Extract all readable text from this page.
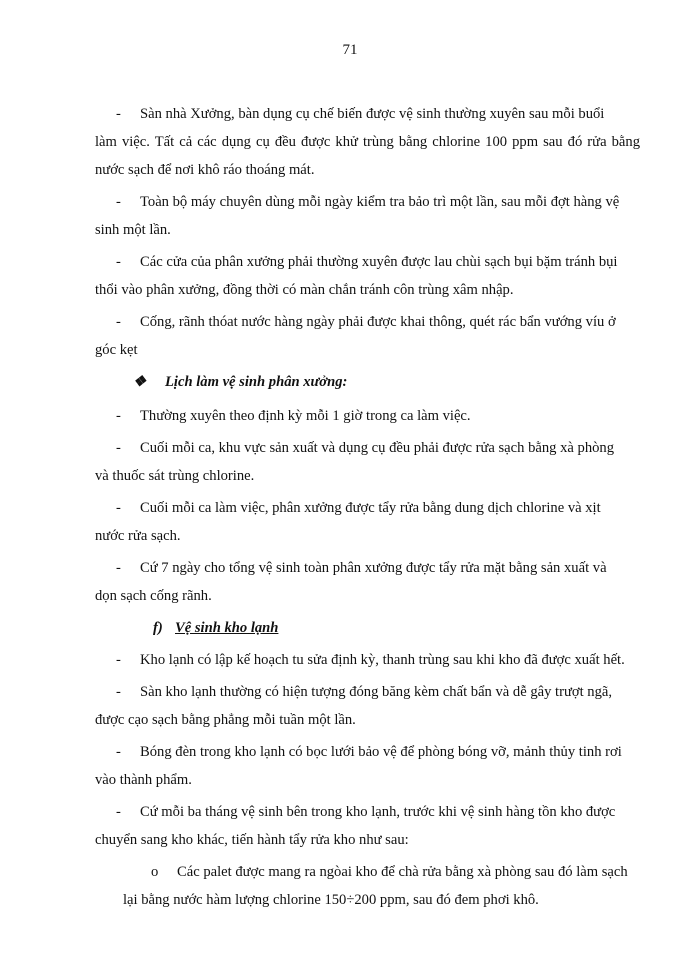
71
- Sàn nhà Xưởng, bàn dụng cụ chế biến được vệ sinh thường xuyên sau mỗi buổi
làm việc. Tất cả các dụng cụ đều được khử trùng bằng chlorine 100 ppm sau đó rửa bằng nước sạch để nơi khô ráo thoáng mát.
- Toàn bộ máy chuyên dùng mỗi ngày kiểm tra bảo trì một lần, sau mỗi đợt hàng vệ
sinh một lần.
- Các cửa của phân xưởng phải thường xuyên được lau chùi sạch bụi bặm tránh bụi
thổi vào phân xưởng, đồng thời có màn chắn tránh côn trùng xâm nhập.
- Cống, rãnh thóat nước hàng ngày phải được khai thông, quét rác bẩn vướng víu ở
góc kẹt
❖ Lịch làm vệ sinh phân xưởng:
- Thường xuyên theo định kỳ mỗi 1 giờ trong ca làm việc.
- Cuối mỗi ca, khu vực sản xuất và dụng cụ đều phải được rửa sạch bằng xà phòng
và thuốc sát trùng chlorine.
- Cuối mỗi ca làm việc, phân xưởng được tẩy rửa bằng dung dịch chlorine và xịt
nước rửa sạch.
- Cứ 7 ngày cho tổng vệ sinh toàn phân xưởng được tẩy rửa mặt bằng sản xuất và
dọn sạch cống rãnh.
f) Vệ sinh kho lạnh
- Kho lạnh có lập kế hoạch tu sửa định kỳ, thanh trùng sau khi kho đã được xuất hết.
- Sàn kho lạnh thường có hiện tượng đóng băng kèm chất bẩn và dễ gây trượt ngã,
được cạo sạch bằng phẳng mỗi tuần một lần.
- Bóng đèn trong kho lạnh có bọc lưới bảo vệ để phòng bóng vỡ, mảnh thủy tinh rơi
vào thành phẩm.
- Cứ mỗi ba tháng vệ sinh bên trong kho lạnh, trước khi vệ sinh hàng tồn kho được
chuyển sang kho khác, tiến hành tẩy rửa kho như sau:
o Các palet được mang ra ngòai kho để chà rửa bằng xà phòng sau đó làm sạch
lại bằng nước hàm lượng chlorine 150÷200 ppm, sau đó đem phơi khô.
